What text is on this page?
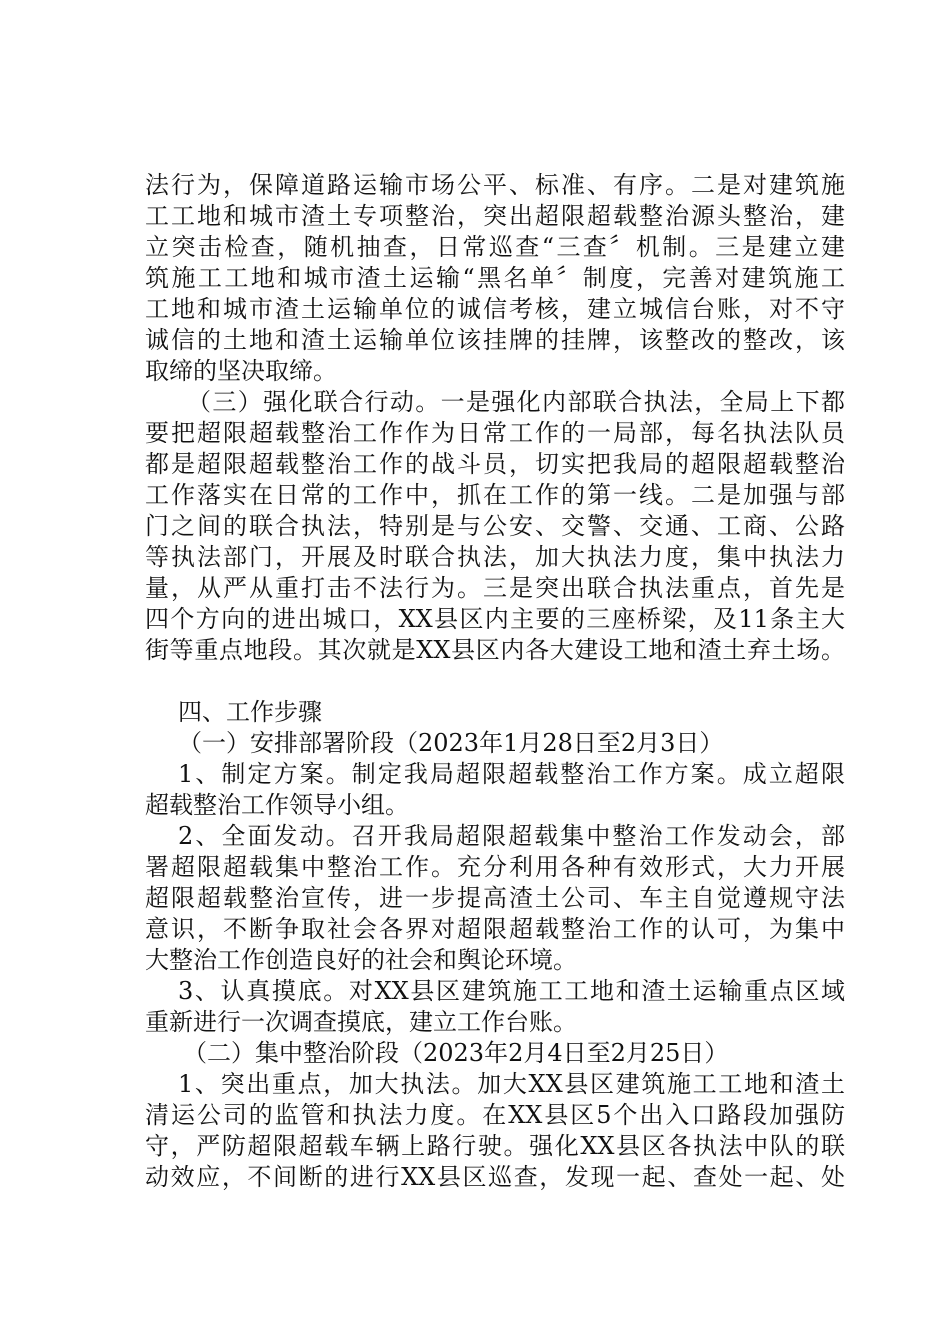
法行为，保障道路运输市场公平、标准、有序。二是对建筑施
工工地和城市渣土专项整治，突出超限超载整治源头整治，建
立突击检查，随机抽查，日常巡查“三查〞机制。三是建立建
筑施工工地和城市渣土运输“黑名单〞制度，完善对建筑施工
工地和城市渣土运输单位的诚信考核，建立城信台账，对不守
诚信的土地和渣土运输单位该挂牌的挂牌，该整改的整改，该
取缔的坚决取缔。
（三）强化联合行动。一是强化内部联合执法，全局上下都
要把超限超载整治工作作为日常工作的一局部，每名执法队员
都是超限超载整治工作的战斗员，切实把我局的超限超载整治
工作落实在日常的工作中，抓在工作的第一线。二是加强与部
门之间的联合执法，特别是与公安、交警、交通、工商、公路
等执法部门，开展及时联合执法，加大执法力度，集中执法力
量，从严从重打击不法行为。三是突出联合执法重点，首先是
四个方向的进出城口，XX县区内主要的三座桥梁，及11条主大
街等重点地段。其次就是XX县区内各大建设工地和渣土弃土场。
四、工作步骤
（一）安排部署阶段（2023年1月28日至2月3日）
1、制定方案。制定我局超限超载整治工作方案。成立超限
超载整治工作领导小组。
2、全面发动。召开我局超限超载集中整治工作发动会，部
署超限超载集中整治工作。充分利用各种有效形式，大力开展
超限超载整治宣传，进一步提高渣土公司、车主自觉遵规守法
意识，不断争取社会各界对超限超载整治工作的认可，为集中
大整治工作创造良好的社会和舆论环境。
3、认真摸底。对XX县区建筑施工工地和渣土运输重点区域
重新进行一次调查摸底，建立工作台账。
（二）集中整治阶段（2023年2月4日至2月25日）
1、突出重点，加大执法。加大XX县区建筑施工工地和渣土
清运公司的监管和执法力度。在XX县区5个出入口路段加强防
守，严防超限超载车辆上路行驶。强化XX县区各执法中队的联
动效应，不间断的进行XX县区巡查，发现一起、查处一起、处
